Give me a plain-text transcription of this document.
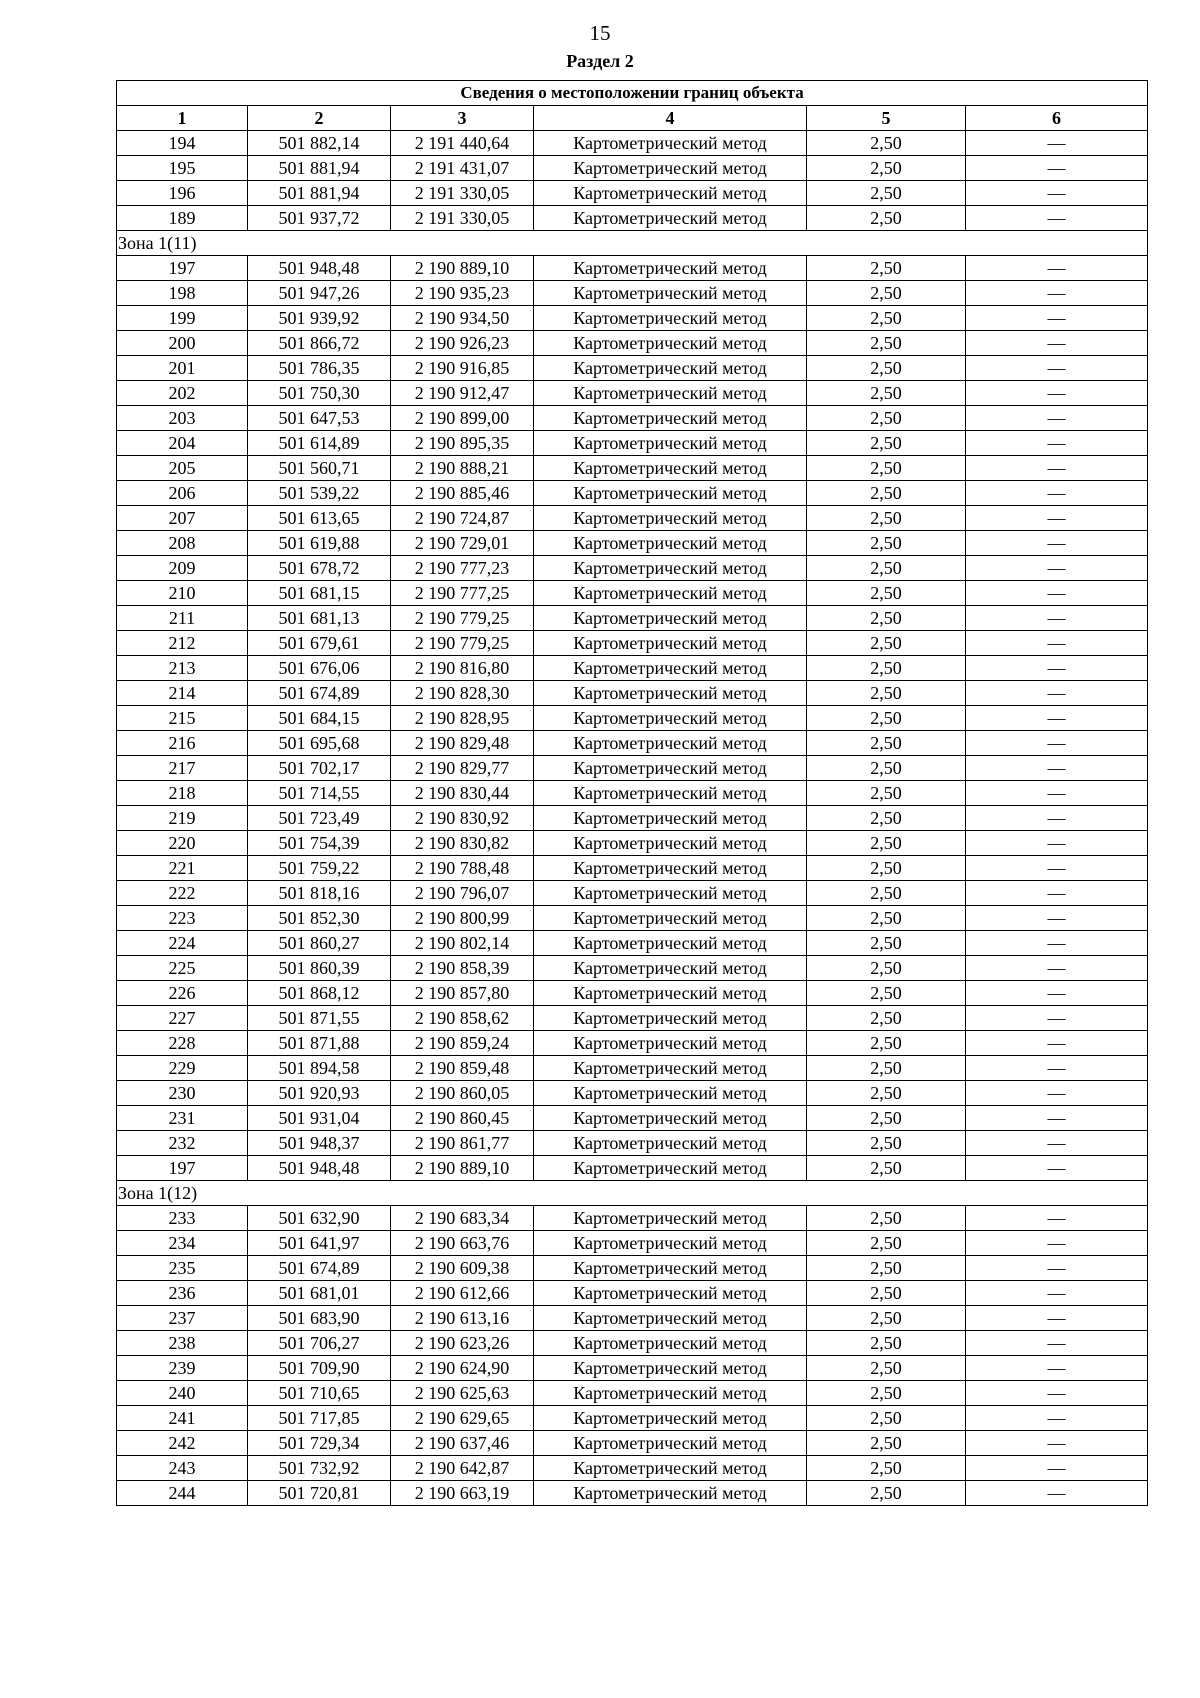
15
Раздел 2
Сведения о местоположении границ объекта					
1	2	3	4	5	6
194	501 882,14	2 191 440,64	Картометрический метод	2,50	—
195	501 881,94	2 191 431,07	Картометрический метод	2,50	—
196	501 881,94	2 191 330,05	Картометрический метод	2,50	—
189	501 937,72	2 191 330,05	Картометрический метод	2,50	—
Зона 1(11)					
197	501 948,48	2 190 889,10	Картометрический метод	2,50	—
198	501 947,26	2 190 935,23	Картометрический метод	2,50	—
199	501 939,92	2 190 934,50	Картометрический метод	2,50	—
200	501 866,72	2 190 926,23	Картометрический метод	2,50	—
201	501 786,35	2 190 916,85	Картометрический метод	2,50	—
202	501 750,30	2 190 912,47	Картометрический метод	2,50	—
203	501 647,53	2 190 899,00	Картометрический метод	2,50	—
204	501 614,89	2 190 895,35	Картометрический метод	2,50	—
205	501 560,71	2 190 888,21	Картометрический метод	2,50	—
206	501 539,22	2 190 885,46	Картометрический метод	2,50	—
207	501 613,65	2 190 724,87	Картометрический метод	2,50	—
208	501 619,88	2 190 729,01	Картометрический метод	2,50	—
209	501 678,72	2 190 777,23	Картометрический метод	2,50	—
210	501 681,15	2 190 777,25	Картометрический метод	2,50	—
211	501 681,13	2 190 779,25	Картометрический метод	2,50	—
212	501 679,61	2 190 779,25	Картометрический метод	2,50	—
213	501 676,06	2 190 816,80	Картометрический метод	2,50	—
214	501 674,89	2 190 828,30	Картометрический метод	2,50	—
215	501 684,15	2 190 828,95	Картометрический метод	2,50	—
216	501 695,68	2 190 829,48	Картометрический метод	2,50	—
217	501 702,17	2 190 829,77	Картометрический метод	2,50	—
218	501 714,55	2 190 830,44	Картометрический метод	2,50	—
219	501 723,49	2 190 830,92	Картометрический метод	2,50	—
220	501 754,39	2 190 830,82	Картометрический метод	2,50	—
221	501 759,22	2 190 788,48	Картометрический метод	2,50	—
222	501 818,16	2 190 796,07	Картометрический метод	2,50	—
223	501 852,30	2 190 800,99	Картометрический метод	2,50	—
224	501 860,27	2 190 802,14	Картометрический метод	2,50	—
225	501 860,39	2 190 858,39	Картометрический метод	2,50	—
226	501 868,12	2 190 857,80	Картометрический метод	2,50	—
227	501 871,55	2 190 858,62	Картометрический метод	2,50	—
228	501 871,88	2 190 859,24	Картометрический метод	2,50	—
229	501 894,58	2 190 859,48	Картометрический метод	2,50	—
230	501 920,93	2 190 860,05	Картометрический метод	2,50	—
231	501 931,04	2 190 860,45	Картометрический метод	2,50	—
232	501 948,37	2 190 861,77	Картометрический метод	2,50	—
197	501 948,48	2 190 889,10	Картометрический метод	2,50	—
Зона 1(12)					
233	501 632,90	2 190 683,34	Картометрический метод	2,50	—
234	501 641,97	2 190 663,76	Картометрический метод	2,50	—
235	501 674,89	2 190 609,38	Картометрический метод	2,50	—
236	501 681,01	2 190 612,66	Картометрический метод	2,50	—
237	501 683,90	2 190 613,16	Картометрический метод	2,50	—
238	501 706,27	2 190 623,26	Картометрический метод	2,50	—
239	501 709,90	2 190 624,90	Картометрический метод	2,50	—
240	501 710,65	2 190 625,63	Картометрический метод	2,50	—
241	501 717,85	2 190 629,65	Картометрический метод	2,50	—
242	501 729,34	2 190 637,46	Картометрический метод	2,50	—
243	501 732,92	2 190 642,87	Картометрический метод	2,50	—
244	501 720,81	2 190 663,19	Картометрический метод	2,50	—
